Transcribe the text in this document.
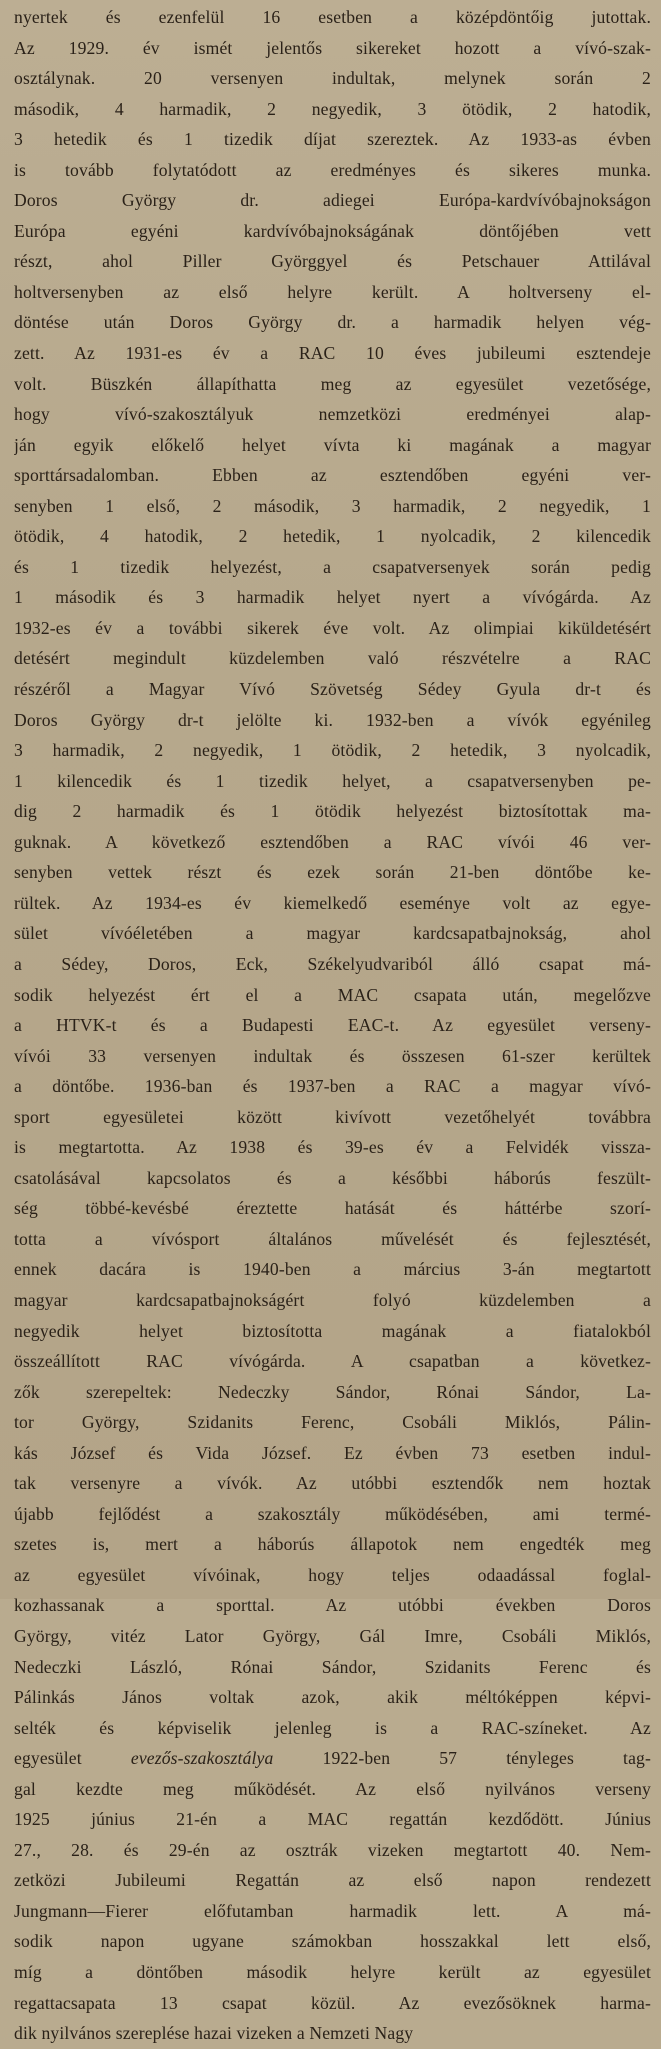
nyertek és ezenfelül 16 esetben a középdöntőig jutottak.
Az 1929. év ismét jelentős sikereket hozott a vívó-szak-
osztálynak. 20 versenyen indultak, melynek során 2
második, 4 harmadik, 2 negyedik, 3 ötödik, 2 hatodik,
3 hetedik és 1 tizedik díjat szereztek. Az 1933-as évben
is tovább folytatódott az eredményes és sikeres munka.
Doros György dr. adiegei Európa-kardvívóbajnokságon
Európa egyéni kardvívóbajnokságának döntőjében vett
részt, ahol Piller Györggyel és Petschauer Attilával
holtversenyben az első helyre került. A holtverseny el-
döntése után Doros György dr. a harmadik helyen vég-
zett. Az 1931-es év a RAC 10 éves jubileumi esztendeje
volt. Büszkén állapíthatta meg az egyesület vezetősége,
hogy vívó-szakosztályuk nemzetközi eredményei alap-
ján egyik előkelő helyet vívta ki magának a magyar
sporttársadalomban. Ebben az esztendőben egyéni ver-
senyben 1 első, 2 második, 3 harmadik, 2 negyedik, 1
ötödik, 4 hatodik, 2 hetedik, 1 nyolcadik, 2 kilencedik
és 1 tizedik helyezést, a csapatversenyek során pedig
1 második és 3 harmadik helyet nyert a vívógárda. Az
1932-es év a további sikerek éve volt. Az olimpiai kiküldetésért
detésért megindult küzdelemben való részvételre a RAC
részéről a Magyar Vívó Szövetség Sédey Gyula dr-t és
Doros György dr-t jelölte ki. 1932-ben a vívók egyénileg
3 harmadik, 2 negyedik, 1 ötödik, 2 hetedik, 3 nyolcadik,
1 kilencedik és 1 tizedik helyet, a csapatversenyben pe-
dig 2 harmadik és 1 ötödik helyezést biztosítottak ma-
guknak. A következő esztendőben a RAC vívói 46 ver-
senyben vettek részt és ezek során 21-ben döntőbe ke-
rültek. Az 1934-es év kiemelkedő eseménye volt az egye-
sület vívóéletében a magyar kardcsapatbajnokság, ahol
a Sédey, Doros, Eck, Székelyudvariból álló csapat má-
sodik helyezést ért el a MAC csapata után, megelőzve
a HTVK-t és a Budapesti EAC-t. Az egyesület verseny-
vívói 33 versenyen indultak és összesen 61-szer kerültek
a döntőbe. 1936-ban és 1937-ben a RAC a magyar vívó-
sport egyesületei között kivívott vezetőhelyét továbbra
is megtartotta. Az 1938 és 39-es év a Felvidék vissza-
csatolásával kapcsolatos és a későbbi háborús feszült-
ség többé-kevésbé éreztette hatását és háttérbe szorí-
totta a vívósport általános művelését és fejlesztését,
ennek dacára is 1940-ben a március 3-án megtartott
magyar kardcsapatbajnokságért folyó küzdelemben a
negyedik helyet biztosította magának a fiatalokból
összeállított RAC vívógárda. A csapatban a következ-
zők szerepeltek: Nedeczky Sándor, Rónai Sándor, La-
tor György, Szidanits Ferenc, Csobáli Miklós, Pálin-
kás József és Vida József. Ez évben 73 esetben indul-
tak versenyre a vívók. Az utóbbi esztendők nem hoztak
újabb fejlődést a szakosztály működésében, ami termé-
szetes is, mert a háborús állapotok nem engedték meg
az egyesület vívóinak, hogy teljes odaadással foglal-
kozhassanak a sporttal. Az utóbbi években Doros
György, vitéz Lator György, Gál Imre, Csobáli Miklós,
Nedeczki László, Rónai Sándor, Szidanits Ferenc és
Pálinkás János voltak azok, akik méltóképpen képvi-
selték és képviselik jelenleg is a RAC-színeket. Az
egyesület evezős-szakosztálya 1922-ben 57 tényleges tag-
gal kezdte meg működését. Az első nyilvános verseny
1925 június 21-én a MAC regattán kezdődött. Június
27., 28. és 29-én az osztrák vizeken megtartott 40. Nem-
zetközi Jubileumi Regattán az első napon rendezett
Jungmann—Fierer előfutamban harmadik lett. A má-
sodik napon ugyane számokban hosszakkal lett első,
míg a döntőben második helyre került az egyesület
regattacsapata 13 csapat közül. Az evezősöknek harma-
dik nyilvános szereplése hazai vizeken a Nemzeti Nagy
